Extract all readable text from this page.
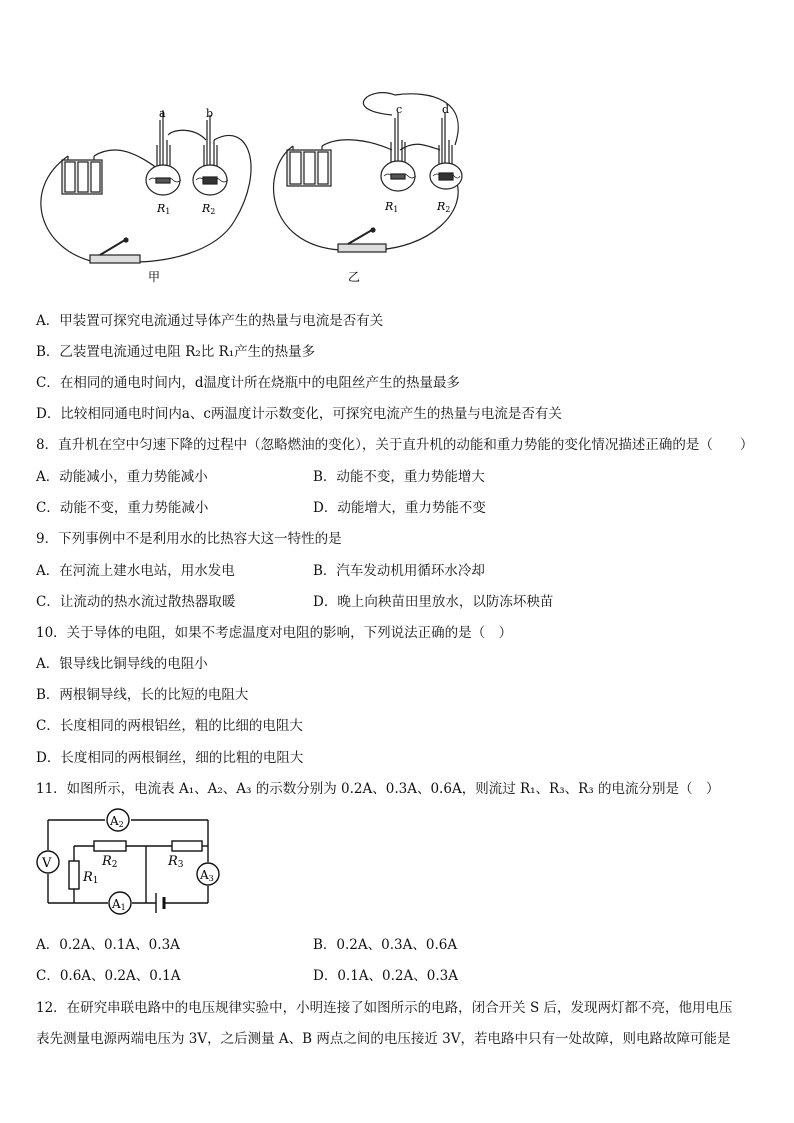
a	b	c	d
R1	R2	R1	R2
甲	乙
A．甲装置可探究电流通过导体产生的热量与电流是否有关
B．乙装置电流通过电阻 R₂比 R₁产生的热量多
C．在相同的通电时间内，d温度计所在烧瓶中的电阻丝产生的热量最多
D．比较相同通电时间内a、c两温度计示数变化，可探究电流产生的热量与电流是否有关
8．直升机在空中匀速下降的过程中（忽略燃油的变化），关于直升机的动能和重力势能的变化情况描述正确的是（　　）
A．动能减小，重力势能减小	B．动能不变，重力势能增大
C．动能不变，重力势能减小	D．动能增大，重力势能不变
9．下列事例中不是利用水的比热容大这一特性的是
A．在河流上建水电站，用水发电	B．汽车发动机用循环水冷却
C．让流动的热水流过散热器取暖	D．晚上向秧苗田里放水，以防冻坏秧苗
10．关于导体的电阻，如果不考虑温度对电阻的影响，下列说法正确的是（　）
A．银导线比铜导线的电阻小
B．两根铜导线，长的比短的电阻大
C．长度相同的两根铝丝，粗的比细的电阻大
D．长度相同的两根铜丝，细的比粗的电阻大
11．如图所示，电流表 A₁、A₂、A₃ 的示数分别为 0.2A、0.3A、0.6A，则流过 R₁、R₃、R₃ 的电流分别是（　）
V
A2
A3
A1
R2	R3
R1
A．0.2A、0.1A、0.3A	B．0.2A、0.3A、0.6A
C．0.6A、0.2A、0.1A	D．0.1A、0.2A、0.3A
12．在研究串联电路中的电压规律实验中，小明连接了如图所示的电路，闭合开关 S 后，发现两灯都不亮，他用电压
表先测量电源两端电压为 3V，之后测量 A、B 两点之间的电压接近 3V，若电路中只有一处故障，则电路故障可能是
